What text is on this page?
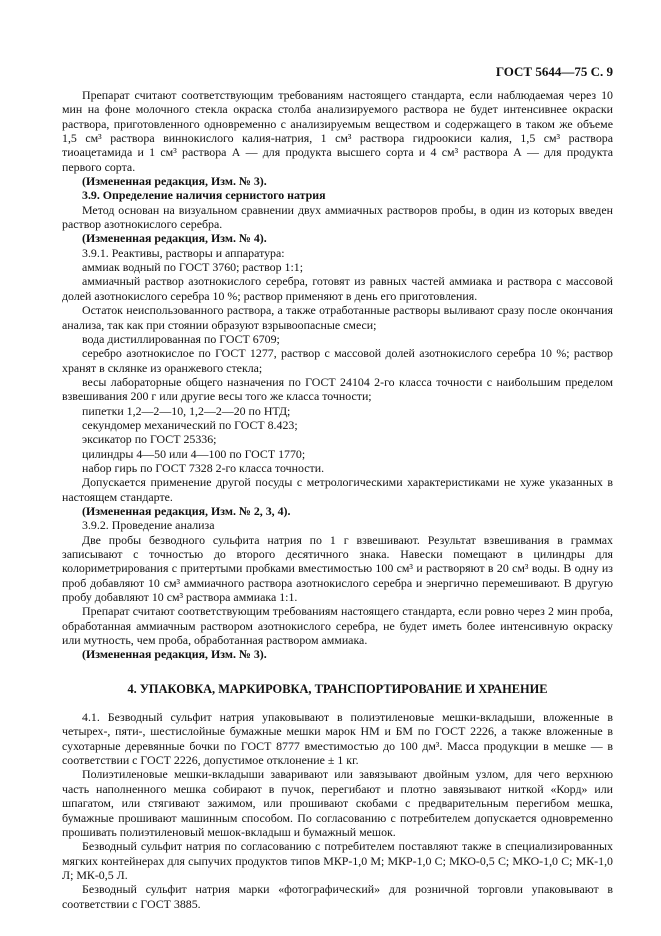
ГОСТ 5644—75 С. 9

Препарат считают соответствующим требованиям настоящего стандарта, если наблюдаемая через 10 мин на фоне молочного стекла окраска столба анализируемого раствора не будет интенсивнее окраски раствора, приготовленного одновременно с анализируемым веществом и содержащего в таком же объеме 1,5 см³ раствора виннокислого калия-натрия, 1 см³ раствора гидроокиси калия, 1,5 см³ раствора тиоацетамида и 1 см³ раствора А — для продукта высшего сорта и 4 см³ раствора А — для продукта первого сорта.

(Измененная редакция, Изм. № 3).

3.9. Определение наличия сернистого натрия

Метод основан на визуальном сравнении двух аммиачных растворов пробы, в один из которых введен раствор азотнокислого серебра.

(Измененная редакция, Изм. № 4).

3.9.1. Реактивы, растворы и аппаратура:

аммиак водный по ГОСТ 3760; раствор 1:1;

аммиачный раствор азотнокислого серебра, готовят из равных частей аммиака и раствора с массовой долей азотнокислого серебра 10 %; раствор применяют в день его приготовления.

Остаток неиспользованного раствора, а также отработанные растворы выливают сразу после окончания анализа, так как при стоянии образуют взрывоопасные смеси;

вода дистиллированная по ГОСТ 6709;

серебро азотнокислое по ГОСТ 1277, раствор с массовой долей азотнокислого серебра 10 %; раствор хранят в склянке из оранжевого стекла;

весы лабораторные общего назначения по ГОСТ 24104 2-го класса точности с наибольшим пределом взвешивания 200 г или другие весы того же класса точности;

пипетки 1,2—2—10, 1,2—2—20 по НТД;

секундомер механический по ГОСТ 8.423;

эксикатор по ГОСТ 25336;

цилиндры 4—50 или 4—100 по ГОСТ 1770;

набор гирь по ГОСТ 7328 2-го класса точности.

Допускается применение другой посуды с метрологическими характеристиками не хуже указанных в настоящем стандарте.

(Измененная редакция, Изм. № 2, 3, 4).

3.9.2. Проведение анализа

Две пробы безводного сульфита натрия по 1 г взвешивают. Результат взвешивания в граммах записывают с точностью до второго десятичного знака. Навески помещают в цилиндры для колориметрирования с притертыми пробками вместимостью 100 см³ и растворяют в 20 см³ воды. В одну из проб добавляют 10 см³ аммиачного раствора азотнокислого серебра и энергично перемешивают. В другую пробу добавляют 10 см³ раствора аммиака 1:1.

Препарат считают соответствующим требованиям настоящего стандарта, если ровно через 2 мин проба, обработанная аммиачным раствором азотнокислого серебра, не будет иметь более интенсивную окраску или мутность, чем проба, обработанная раствором аммиака.

(Измененная редакция, Изм. № 3).

4. УПАКОВКА, МАРКИРОВКА, ТРАНСПОРТИРОВАНИЕ И ХРАНЕНИЕ

4.1. Безводный сульфит натрия упаковывают в полиэтиленовые мешки-вкладыши, вложенные в четырех-, пяти-, шестислойные бумажные мешки марок НМ и БМ по ГОСТ 2226, а также вложенные в сухотарные деревянные бочки по ГОСТ 8777 вместимостью до 100 дм³. Масса продукции в мешке — в соответствии с ГОСТ 2226, допустимое отклонение ± 1 кг.

Полиэтиленовые мешки-вкладыши заваривают или завязывают двойным узлом, для чего верхнюю часть наполненного мешка собирают в пучок, перегибают и плотно завязывают ниткой «Корд» или шпагатом, или стягивают зажимом, или прошивают скобами с предварительным перегибом мешка, бумажные прошивают машинным способом. По согласованию с потребителем допускается одновременно прошивать полиэтиленовый мешок-вкладыш и бумажный мешок.

Безводный сульфит натрия по согласованию с потребителем поставляют также в специализированных мягких контейнерах для сыпучих продуктов типов МКР-1,0 М; МКР-1,0 С; МКО-0,5 С; МКО-1,0 С; МК-1,0 Л; МК-0,5 Л.

Безводный сульфит натрия марки «фотографический» для розничной торговли упаковывают в соответствии с ГОСТ 3885.
